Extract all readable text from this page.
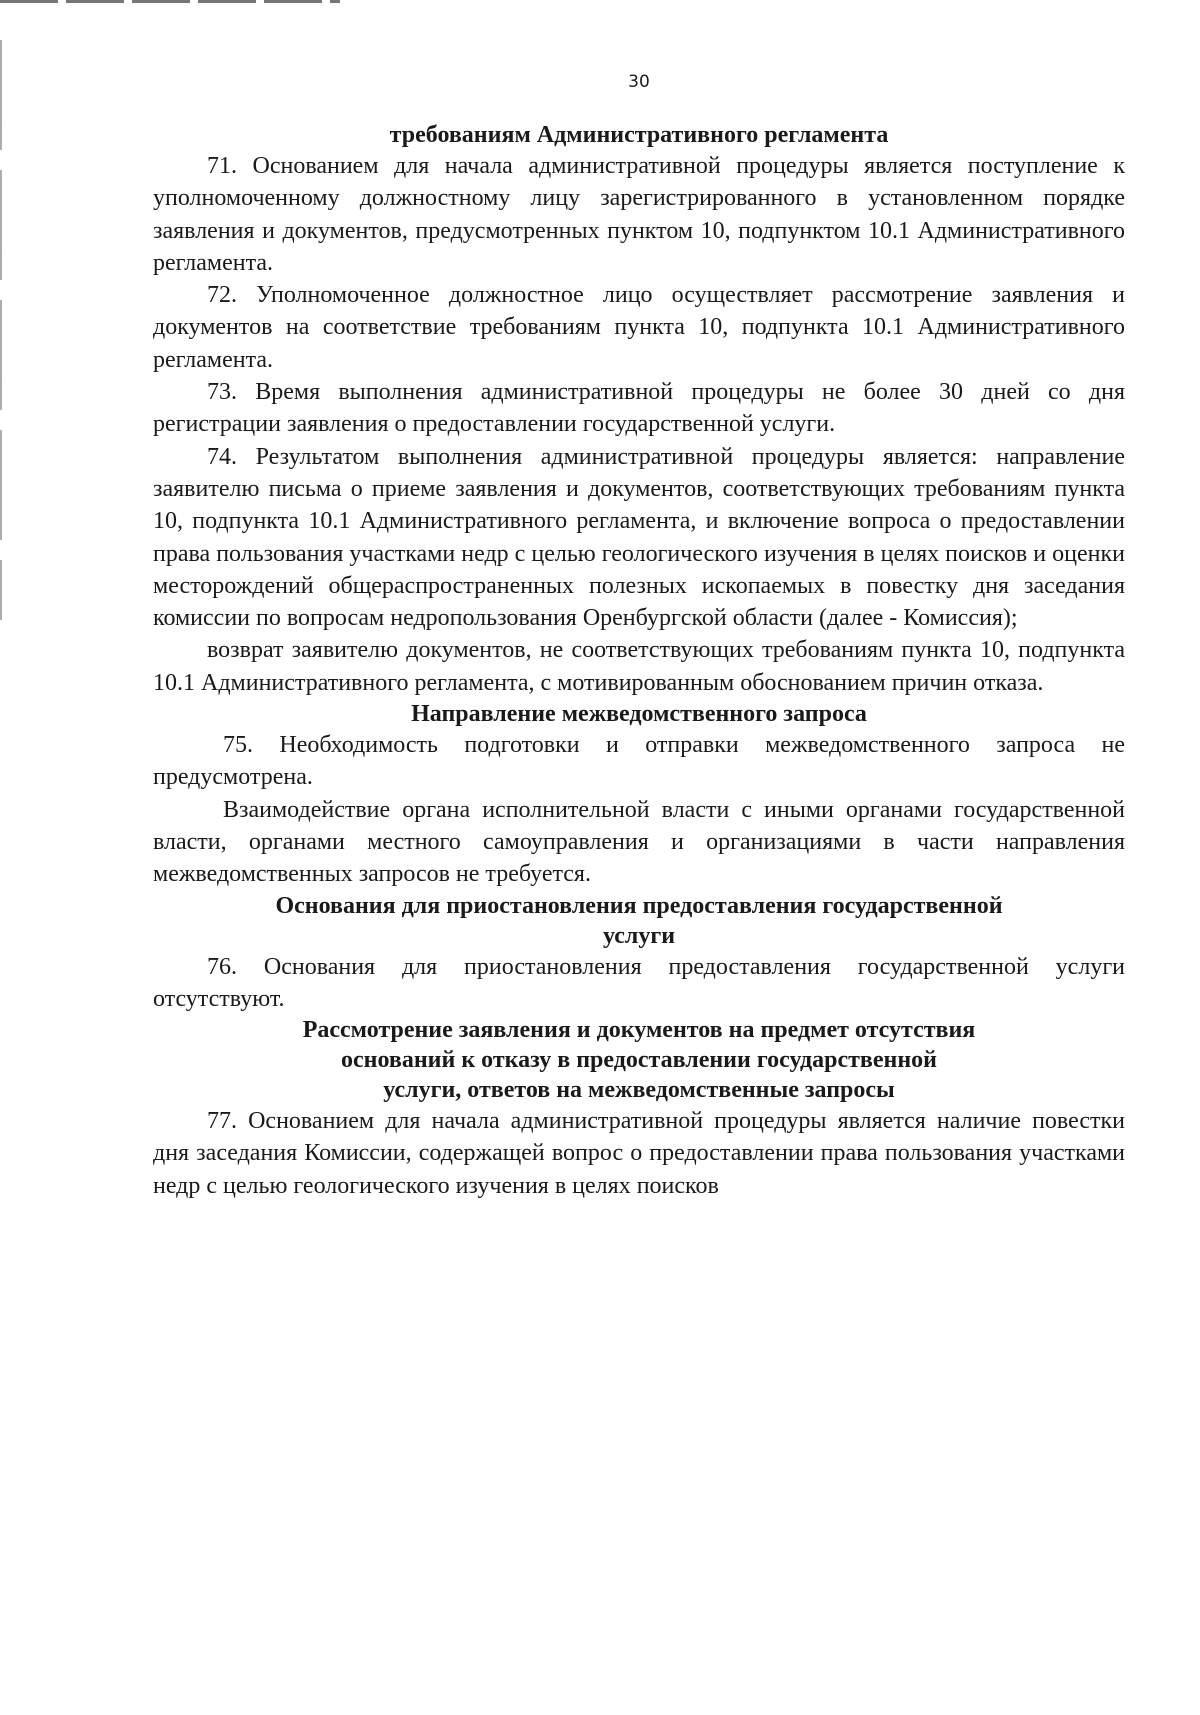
30
требованиям Административного регламента

71. Основанием для начала административной процедуры является поступление к уполномоченному должностному лицу зарегистрированного в установленном порядке заявления и документов, предусмотренных пунктом 10, подпунктом 10.1 Административного регламента.

72. Уполномоченное должностное лицо осуществляет рассмотрение заявления и документов на соответствие требованиям пункта 10, подпункта 10.1 Административного регламента.

73. Время выполнения административной процедуры не более 30 дней со дня регистрации заявления о предоставлении государственной услуги.

74. Результатом выполнения административной процедуры является: направление заявителю письма о приеме заявления и документов, соответствующих требованиям пункта 10, подпункта 10.1 Административного регламента, и включение вопроса о предоставлении права пользования участками недр с целью геологического изучения в целях поисков и оценки месторождений общераспространенных полезных ископаемых в повестку дня заседания комиссии по вопросам недропользования Оренбургской области (далее - Комиссия);

возврат заявителю документов, не соответствующих требованиям пункта 10, подпункта 10.1 Административного регламента, с мотивированным обоснованием причин отказа.

Направление межведомственного запроса

75. Необходимость подготовки и отправки межведомственного запроса не предусмотрена.

Взаимодействие органа исполнительной власти с иными органами государственной власти, органами местного самоуправления и организациями в части направления межведомственных запросов не требуется.

Основания для приостановления предоставления государственной
услуги

76. Основания для приостановления предоставления государственной услуги отсутствуют.

Рассмотрение заявления и документов на предмет отсутствия
оснований к отказу в предоставлении государственной
услуги, ответов на межведомственные запросы

77. Основанием для начала административной процедуры является наличие повестки дня заседания Комиссии, содержащей вопрос о предоставлении права пользования участками недр с целью геологического изучения в целях поисков
